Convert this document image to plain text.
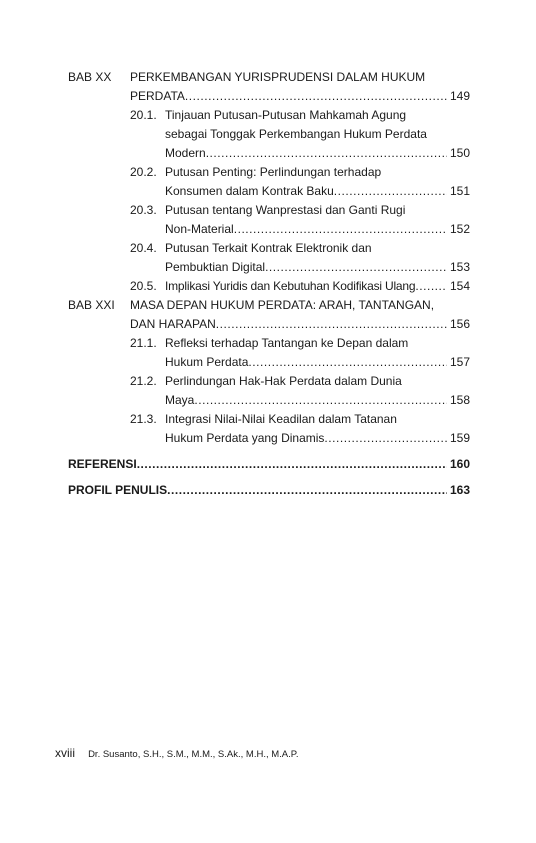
BAB XX PERKEMBANGAN YURISPRUDENSI DALAM HUKUM
PERDATA . . .	149
20.1. Tinjauan Putusan-Putusan Mahkamah Agung
sebagai Tonggak Perkembangan Hukum Perdata
Modern . . .	150
20.2. Putusan Penting: Perlindungan terhadap
Konsumen dalam Kontrak Baku . . .	151
20.3. Putusan tentang Wanprestasi dan Ganti Rugi
Non-Material . . .	152
20.4. Putusan Terkait Kontrak Elektronik dan
Pembuktian Digital . . .	153
20.5. Implikasi Yuridis dan Kebutuhan Kodifikasi Ulang . . .	154
BAB XXI MASA DEPAN HUKUM PERDATA: ARAH, TANTANGAN,
DAN HARAPAN . . .	156
21.1. Refleksi terhadap Tantangan ke Depan dalam
Hukum Perdata . . .	157
21.2. Perlindungan Hak-Hak Perdata dalam Dunia
Maya . . .	158
21.3. Integrasi Nilai-Nilai Keadilan dalam Tatanan
Hukum Perdata yang Dinamis . . .	159
REFERENSI . . .	160
PROFIL PENULIS . . .	163
xviii Dr. Susanto, S.H., S.M., M.M., S.Ak., M.H., M.A.P.
